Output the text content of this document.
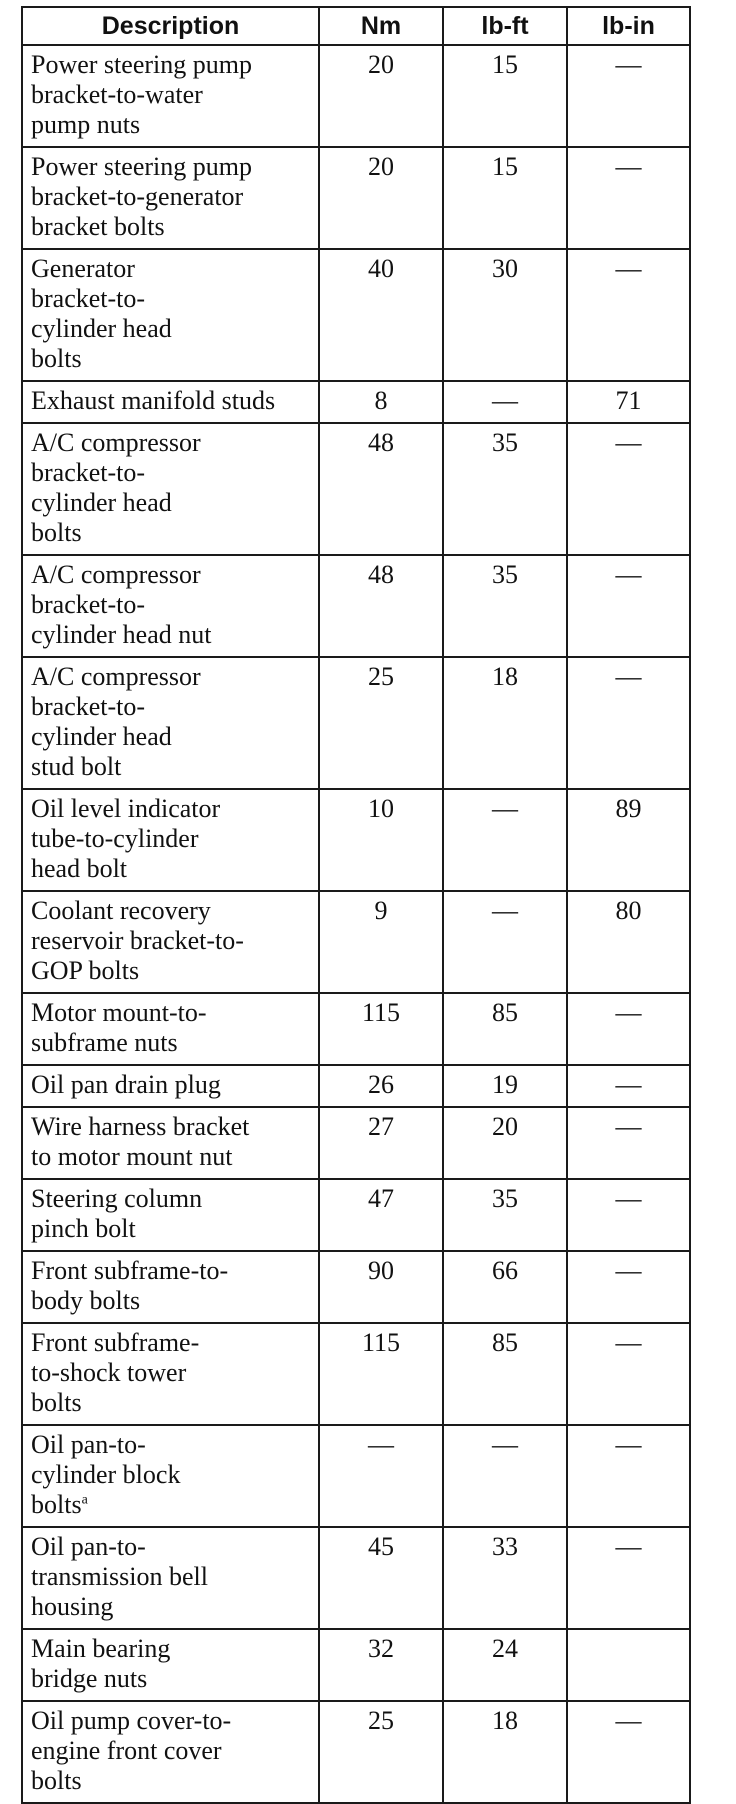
Description	Nm	lb-ft	lb-in

Power steering pump bracket-to-water pump nuts	20	15	—

Power steering pump bracket-to-generator bracket bolts	20	15	—

Generator bracket-to-cylinder head bolts	40	30	—

Exhaust manifold studs	8	—	71

A/C compressor bracket-to-cylinder head bolts	48	35	—

A/C compressor bracket-to-cylinder head nut	48	35	—

A/C compressor bracket-to-cylinder head stud bolt	25	18	—

Oil level indicator tube-to-cylinder head bolt	10	—	89

Coolant recovery reservoir bracket-to-GOP bolts	9	—	80

Motor mount-to-subframe nuts	115	85	—

Oil pan drain plug	26	19	—

Wire harness bracket to motor mount nut	27	20	—

Steering column pinch bolt	47	35	—

Front subframe-to-body bolts	90	66	—

Front subframe-to-shock tower bolts	115	85	—

Oil pan-to-cylinder block bolts$^a$	—	—	—

Oil pan-to-transmission bell housing	45	33	—

Main bearing bridge nuts	32	24	

Oil pump cover-to-engine front cover bolts	25	18	—
